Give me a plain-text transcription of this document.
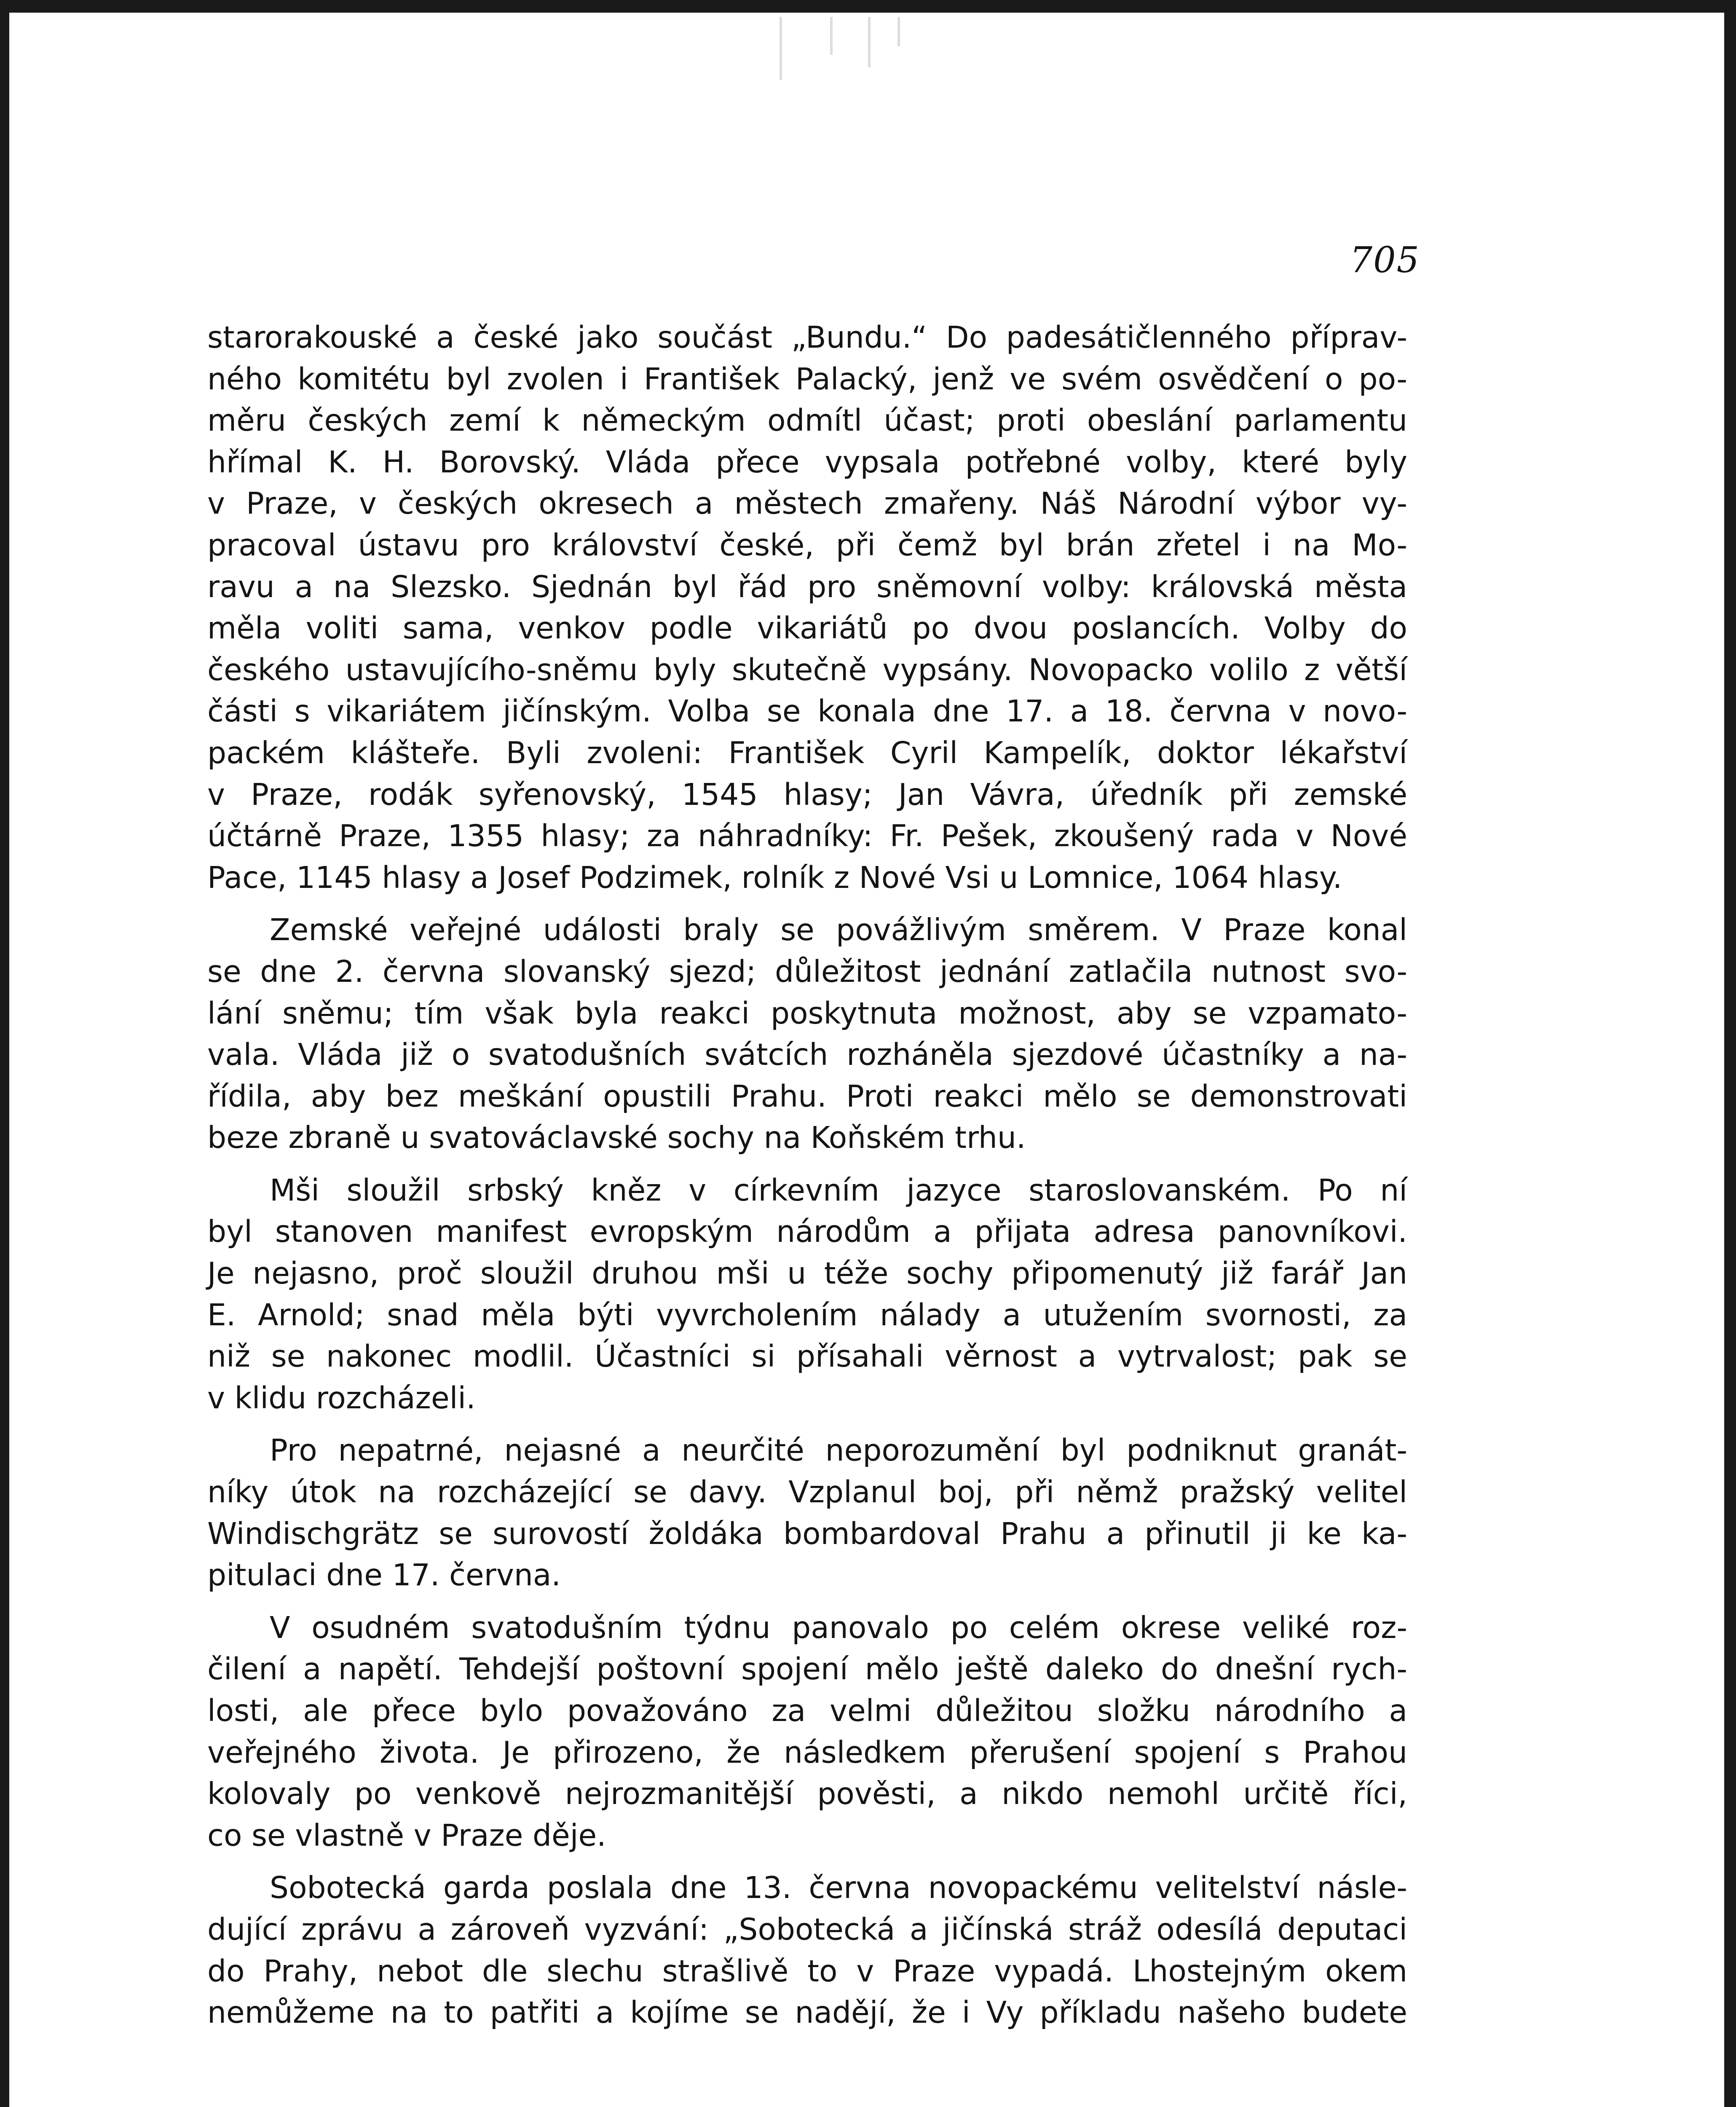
705
starorakouské a české jako součást „Bundu.“ Do padesátičlenného příprav-
ného komitétu byl zvolen i František Palacký, jenž ve svém osvědčení o po-
měru českých zemí k německým odmítl účast; proti obeslání parlamentu
hřímal K. H. Borovský. Vláda přece vypsala potřebné volby, které byly
v Praze, v českých okresech a městech zmařeny. Náš Národní výbor vy-
pracoval ústavu pro království české, při čemž byl brán zřetel i na Mo-
ravu a na Slezsko. Sjednán byl řád pro sněmovní volby: královská města
měla voliti sama, venkov podle vikariátů po dvou poslancích. Volby do
českého ustavujícího-sněmu byly skutečně vypsány. Novopacko volilo z větší
části s vikariátem jičínským. Volba se konala dne 17. a 18. června v novo-
packém klášteře. Byli zvoleni: František Cyril Kampelík, doktor lékařství
v Praze, rodák syřenovský, 1545 hlasy; Jan Vávra, úředník při zemské
účtárně Praze, 1355 hlasy; za náhradníky: Fr. Pešek, zkoušený rada v Nové
Pace, 1145 hlasy a Josef Podzimek, rolník z Nové Vsi u Lomnice, 1064 hlasy.
Zemské veřejné události braly se povážlivým směrem. V Praze konal
se dne 2. června slovanský sjezd; důležitost jednání zatlačila nutnost svo-
lání sněmu; tím však byla reakci poskytnuta možnost, aby se vzpamato-
vala. Vláda již o svatodušních svátcích rozháněla sjezdové účastníky a na-
řídila, aby bez meškání opustili Prahu. Proti reakci mělo se demonstrovati
beze zbraně u svatováclavské sochy na Koňském trhu.
Mši sloužil srbský kněz v církevním jazyce staroslovanském. Po ní
byl stanoven manifest evropským národům a přijata adresa panovníkovi.
Je nejasno, proč sloužil druhou mši u téže sochy připomenutý již farář Jan
E. Arnold; snad měla býti vyvrcholením nálady a utužením svornosti, za
niž se nakonec modlil. Účastníci si přísahali věrnost a vytrvalost; pak se
v klidu rozcházeli.
Pro nepatrné, nejasné a neurčité neporozumění byl podniknut granát-
níky útok na rozcházející se davy. Vzplanul boj, při němž pražský velitel
Windischgrätz se surovostí žoldáka bombardoval Prahu a přinutil ji ke ka-
pitulaci dne 17. června.
V osudném svatodušním týdnu panovalo po celém okrese veliké roz-
čilení a napětí. Tehdejší poštovní spojení mělo ještě daleko do dnešní rych-
losti, ale přece bylo považováno za velmi důležitou složku národního a
veřejného života. Je přirozeno, že následkem přerušení spojení s Prahou
kolovaly po venkově nejrozmanitější pověsti, a nikdo nemohl určitě říci,
co se vlastně v Praze děje.
Sobotecká garda poslala dne 13. června novopackému velitelství násle-
dující zprávu a zároveň vyzvání: „Sobotecká a jičínská stráž odesílá deputaci
do Prahy, nebot dle slechu strašlivě to v Praze vypadá. Lhostejným okem
nemůžeme na to patřiti a kojíme se nadějí, že i Vy příkladu našeho budete
